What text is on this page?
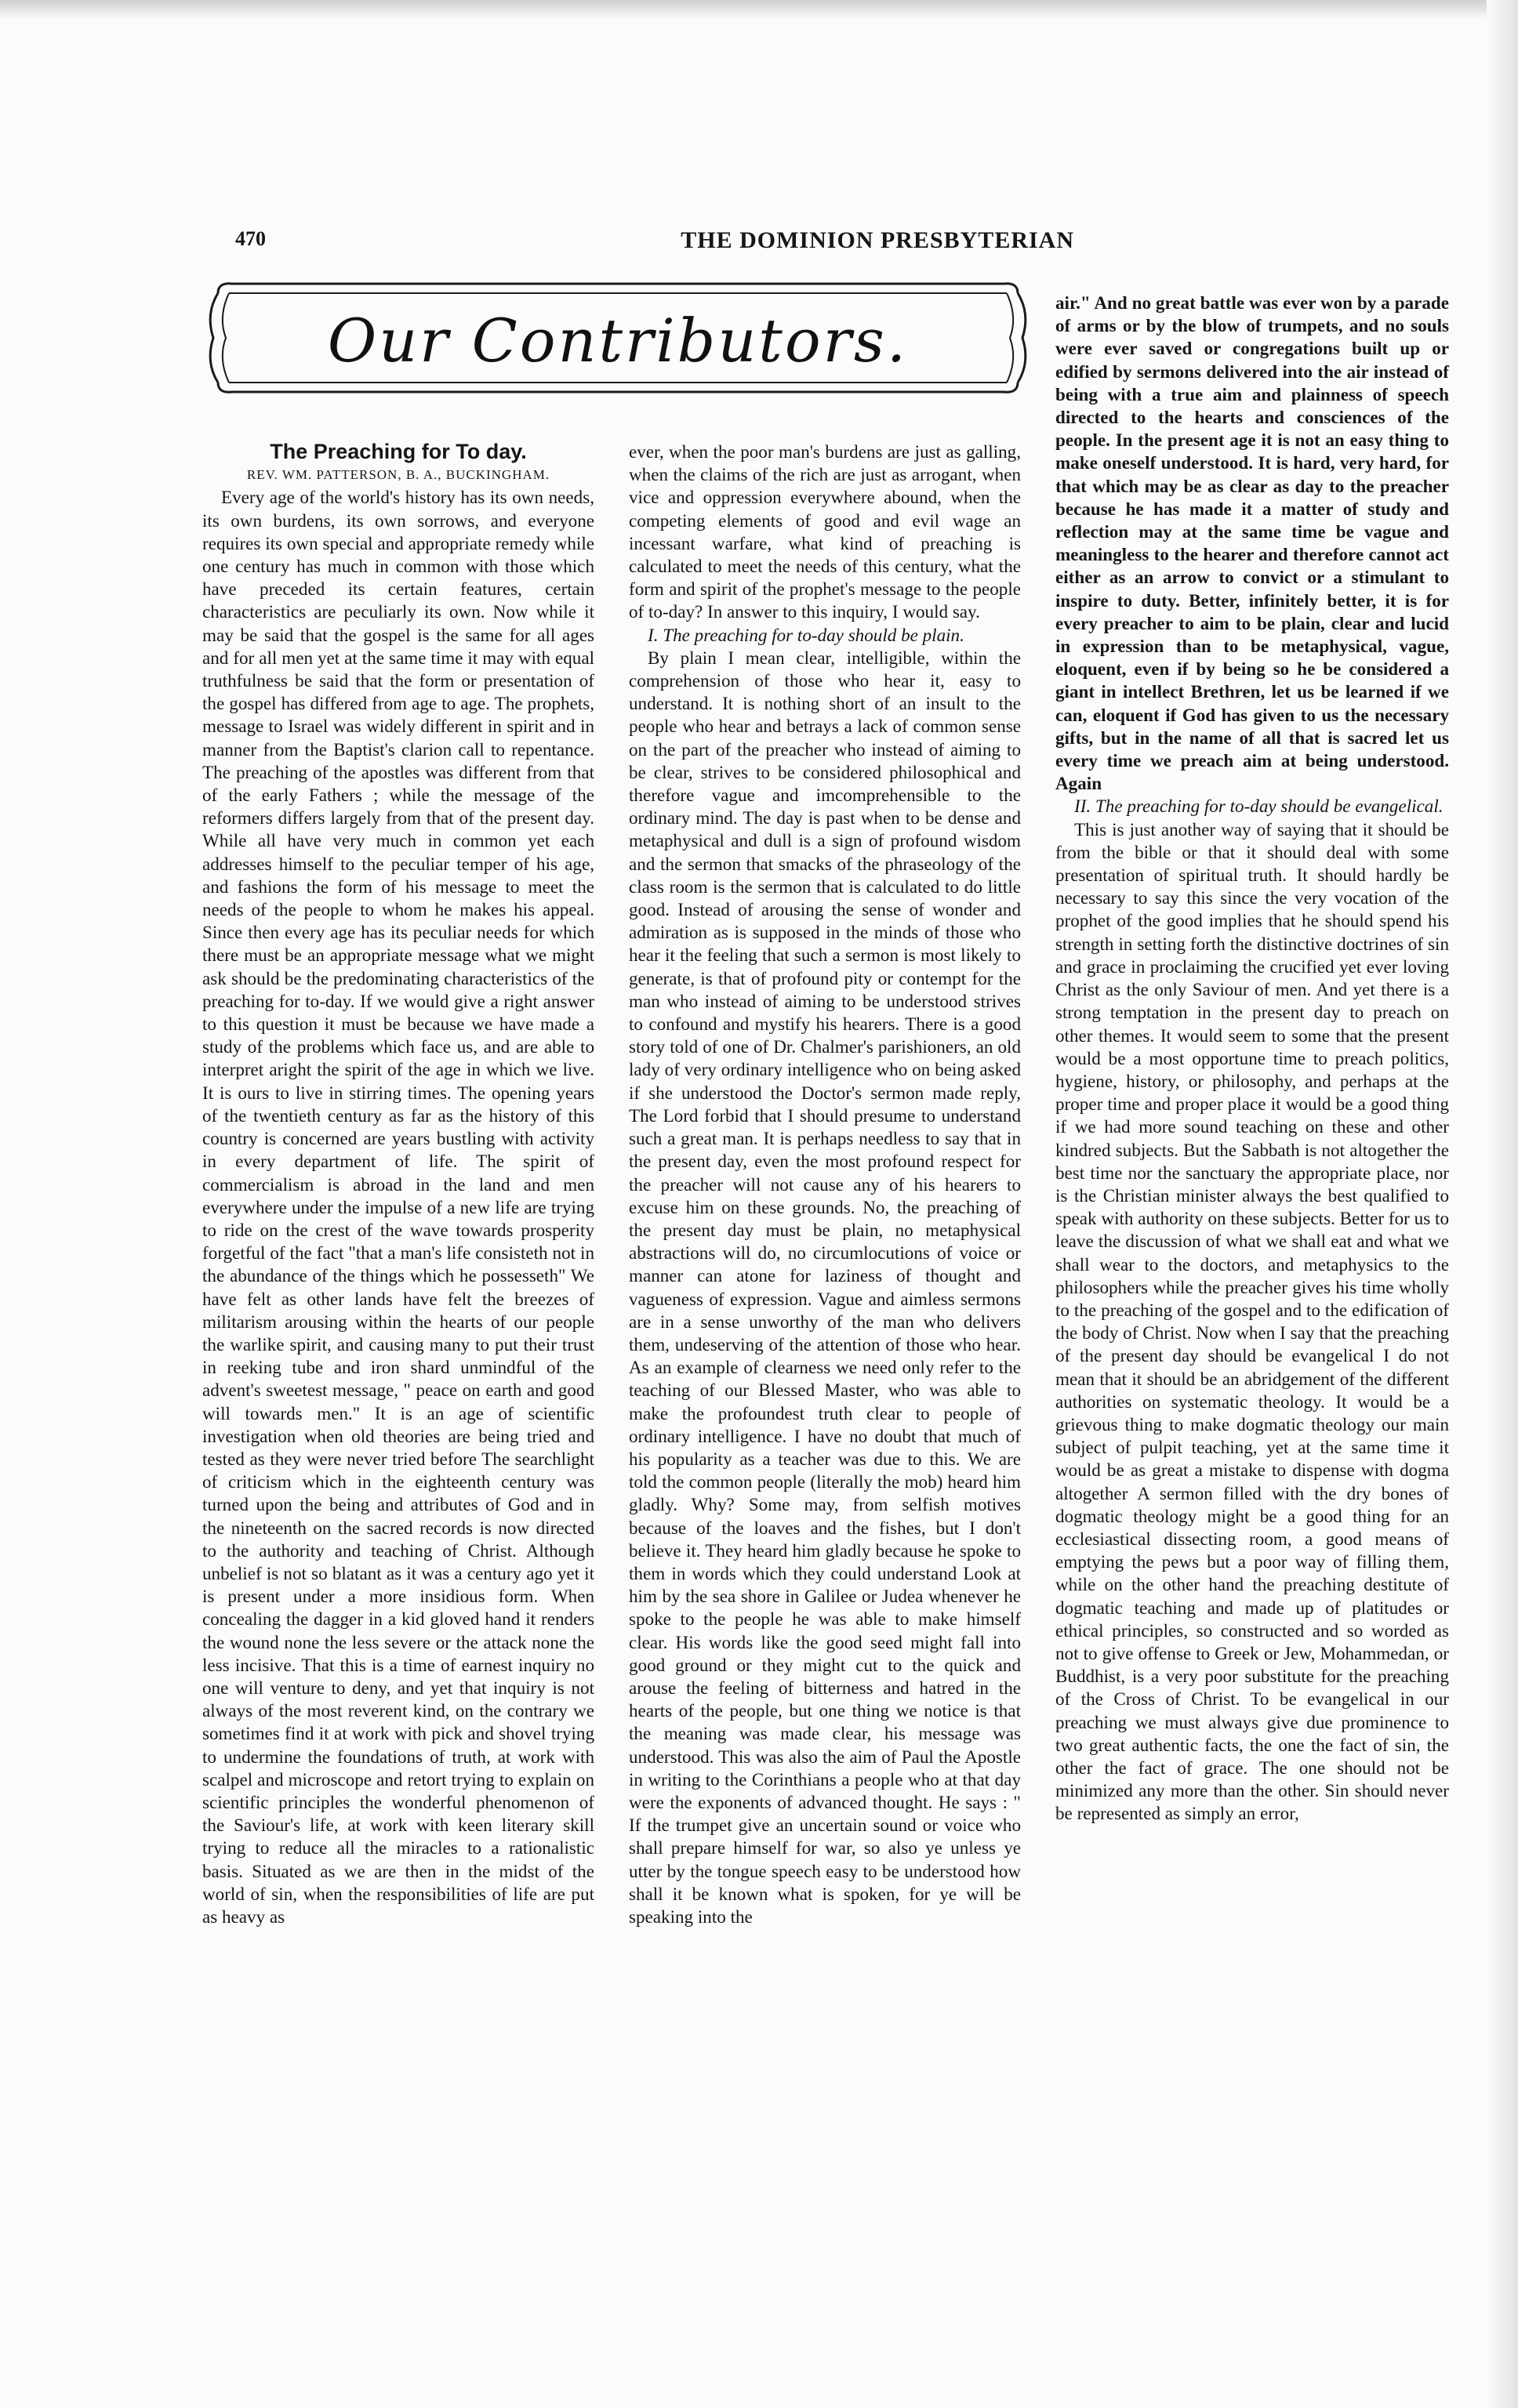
470	THE DOMINION PRESBYTERIAN
Our Contributors.

The Preaching for To day.

REV. WM. PATTERSON, B. A., BUCKINGHAM.

Every age of the world's history has its own needs, its own burdens, its own sorrows, and everyone requires its own special and appropriate remedy while one century has much in common with those which have preceded its certain features, certain characteristics are peculiarly its own. Now while it may be said that the gospel is the same for all ages and for all men yet at the same time it may with equal truthfulness be said that the form or presentation of the gospel has differed from age to age. The prophets, message to Israel was widely different in spirit and in manner from the Baptist's clarion call to repentance. The preaching of the apostles was different from that of the early Fathers ; while the message of the reformers differs largely from that of the present day. While all have very much in common yet each addresses himself to the peculiar temper of his age, and fashions the form of his message to meet the needs of the people to whom he makes his appeal. Since then every age has its peculiar needs for which there must be an appropriate message what we might ask should be the predominating characteristics of the preaching for to-day. If we would give a right answer to this question it must be because we have made a study of the problems which face us, and are able to interpret aright the spirit of the age in which we live. It is ours to live in stirring times. The opening years of the twentieth century as far as the history of this country is concerned are years bustling with activity in every department of life. The spirit of commercialism is abroad in the land and men everywhere under the impulse of a new life are trying to ride on the crest of the wave towards prosperity forgetful of the fact "that a man's life consisteth not in the abundance of the things which he possesseth" We have felt as other lands have felt the breezes of militarism arousing within the hearts of our people the warlike spirit, and causing many to put their trust in reeking tube and iron shard unmindful of the advent's sweetest message, " peace on earth and good will towards men." It is an age of scientific investigation when old theories are being tried and tested as they were never tried before The searchlight of criticism which in the eighteenth century was turned upon the being and attributes of God and in the nineteenth on the sacred records is now directed to the authority and teaching of Christ. Although unbelief is not so blatant as it was a century ago yet it is present under a more insidious form. When concealing the dagger in a kid gloved hand it renders the wound none the less severe or the attack none the less incisive. That this is a time of earnest inquiry no one will venture to deny, and yet that inquiry is not always of the most reverent kind, on the contrary we sometimes find it at work with pick and shovel trying to undermine the foundations of truth, at work with scalpel and microscope and retort trying to explain on scientific principles the wonderful phenomenon of the Saviour's life, at work with keen literary skill trying to reduce all the miracles to a rationalistic basis. Situated as we are then in the midst of the world of sin, when the responsibilities of life are put as heavy as

ever, when the poor man's burdens are just as galling, when the claims of the rich are just as arrogant, when vice and oppression everywhere abound, when the competing elements of good and evil wage an incessant warfare, what kind of preaching is calculated to meet the needs of this century, what the form and spirit of the prophet's message to the people of to-day? In answer to this inquiry, I would say.

I. The preaching for to-day should be plain.

By plain I mean clear, intelligible, within the comprehension of those who hear it, easy to understand. It is nothing short of an insult to the people who hear and betrays a lack of common sense on the part of the preacher who instead of aiming to be clear, strives to be considered philosophical and therefore vague and imcomprehensible to the ordinary mind. The day is past when to be dense and metaphysical and dull is a sign of profound wisdom and the sermon that smacks of the phraseology of the class room is the sermon that is calculated to do little good. Instead of arousing the sense of wonder and admiration as is supposed in the minds of those who hear it the feeling that such a sermon is most likely to generate, is that of profound pity or contempt for the man who instead of aiming to be understood strives to confound and mystify his hearers. There is a good story told of one of Dr. Chalmer's parishioners, an old lady of very ordinary intelligence who on being asked if she understood the Doctor's sermon made reply, The Lord forbid that I should presume to understand such a great man. It is perhaps needless to say that in the present day, even the most profound respect for the preacher will not cause any of his hearers to excuse him on these grounds. No, the preaching of the present day must be plain, no metaphysical abstractions will do, no circumlocutions of voice or manner can atone for laziness of thought and vagueness of expression. Vague and aimless sermons are in a sense unworthy of the man who delivers them, undeserving of the attention of those who hear. As an example of clearness we need only refer to the teaching of our Blessed Master, who was able to make the profoundest truth clear to people of ordinary intelligence. I have no doubt that much of his popularity as a teacher was due to this. We are told the common people (literally the mob) heard him gladly. Why? Some may, from selfish motives because of the loaves and the fishes, but I don't believe it. They heard him gladly because he spoke to them in words which they could understand Look at him by the sea shore in Galilee or Judea whenever he spoke to the people he was able to make himself clear. His words like the good seed might fall into good ground or they might cut to the quick and arouse the feeling of bitterness and hatred in the hearts of the people, but one thing we notice is that the meaning was made clear, his message was understood. This was also the aim of Paul the Apostle in writing to the Corinthians a people who at that day were the exponents of advanced thought. He says : " If the trumpet give an uncertain sound or voice who shall prepare himself for war, so also ye unless ye utter by the tongue speech easy to be understood how shall it be known what is spoken, for ye will be speaking into the

air." And no great battle was ever won by a parade of arms or by the blow of trumpets, and no souls were ever saved or congregations built up or edified by sermons delivered into the air instead of being with a true aim and plainness of speech directed to the hearts and consciences of the people. In the present age it is not an easy thing to make oneself understood. It is hard, very hard, for that which may be as clear as day to the preacher because he has made it a matter of study and reflection may at the same time be vague and meaningless to the hearer and therefore cannot act either as an arrow to convict or a stimulant to inspire to duty. Better, infinitely better, it is for every preacher to aim to be plain, clear and lucid in expression than to be metaphysical, vague, eloquent, even if by being so he be considered a giant in intellect Brethren, let us be learned if we can, eloquent if God has given to us the necessary gifts, but in the name of all that is sacred let us every time we preach aim at being understood. Again

II. The preaching for to-day should be evangelical.

This is just another way of saying that it should be from the bible or that it should deal with some presentation of spiritual truth. It should hardly be necessary to say this since the very vocation of the prophet of the good implies that he should spend his strength in setting forth the distinctive doctrines of sin and grace in proclaiming the crucified yet ever loving Christ as the only Saviour of men. And yet there is a strong temptation in the present day to preach on other themes. It would seem to some that the present would be a most opportune time to preach politics, hygiene, history, or philosophy, and perhaps at the proper time and proper place it would be a good thing if we had more sound teaching on these and other kindred subjects. But the Sabbath is not altogether the best time nor the sanctuary the appropriate place, nor is the Christian minister always the best qualified to speak with authority on these subjects. Better for us to leave the discussion of what we shall eat and what we shall wear to the doctors, and metaphysics to the philosophers while the preacher gives his time wholly to the preaching of the gospel and to the edification of the body of Christ. Now when I say that the preaching of the present day should be evangelical I do not mean that it should be an abridgement of the different authorities on systematic theology. It would be a grievous thing to make dogmatic theology our main subject of pulpit teaching, yet at the same time it would be as great a mistake to dispense with dogma altogether A sermon filled with the dry bones of dogmatic theology might be a good thing for an ecclesiastical dissecting room, a good means of emptying the pews but a poor way of filling them, while on the other hand the preaching destitute of dogmatic teaching and made up of platitudes or ethical principles, so constructed and so worded as not to give offense to Greek or Jew, Mohammedan, or Buddhist, is a very poor substitute for the preaching of the Cross of Christ. To be evangelical in our preaching we must always give due prominence to two great authentic facts, the one the fact of sin, the other the fact of grace. The one should not be minimized any more than the other. Sin should never be represented as simply an error,
